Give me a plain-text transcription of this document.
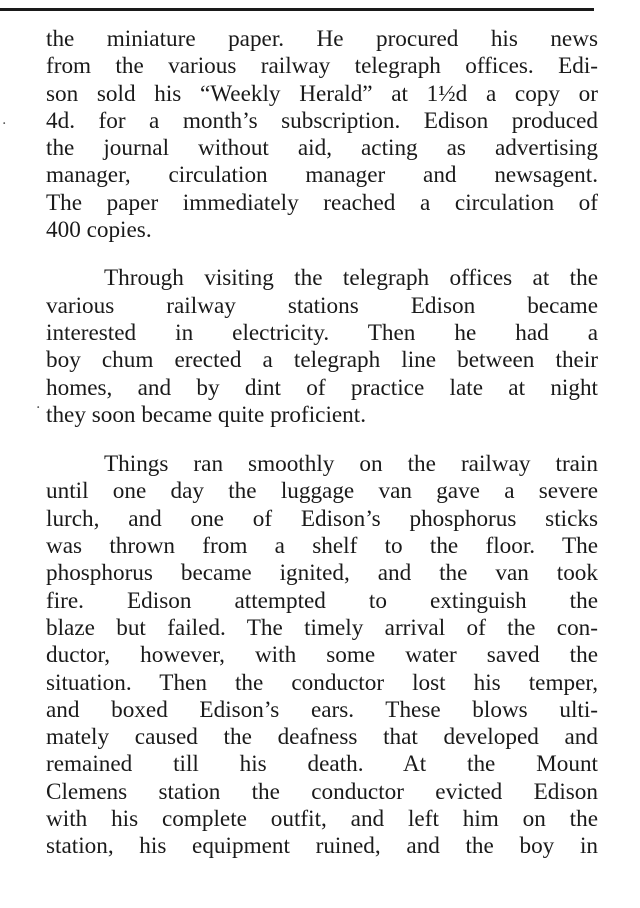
·
·
the miniature paper. He procured his news
from the various railway telegraph offices. Edi-
son sold his “Weekly Herald” at 1½d a copy or
4d. for a month’s subscription. Edison produced
the journal without aid, acting as advertising
manager, circulation manager and newsagent.
The paper immediately reached a circulation of
400 copies.
Through visiting the telegraph offices at the
various railway stations Edison became
interested in electricity. Then he had a
boy chum erected a telegraph line between their
homes, and by dint of practice late at night
they soon became quite proficient.
Things ran smoothly on the railway train
until one day the luggage van gave a severe
lurch, and one of Edison’s phosphorus sticks
was thrown from a shelf to the floor. The
phosphorus became ignited, and the van took
fire. Edison attempted to extinguish the
blaze but failed. The timely arrival of the con-
ductor, however, with some water saved the
situation. Then the conductor lost his temper,
and boxed Edison’s ears. These blows ulti-
mately caused the deafness that developed and
remained till his death. At the Mount
Clemens station the conductor evicted Edison
with his complete outfit, and left him on the
station, his equipment ruined, and the boy in
